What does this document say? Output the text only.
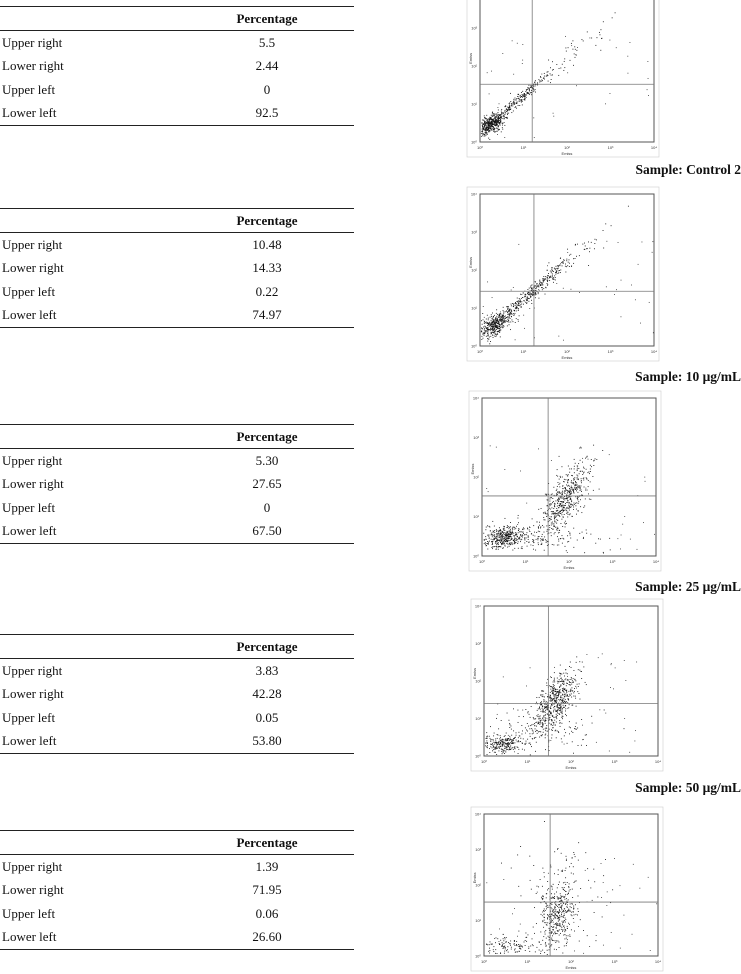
	Percentage
Upper right	5.5
Lower right	2.44
Upper left	0
Lower left	92.5
10⁰
10⁰
10¹
10¹
10²
10²
10³
10³
10⁴
Emiss
Emiss
Sample: Control 2
	Percentage
Upper right	10.48
Lower right	14.33
Upper left	0.22
Lower left	74.97
10⁰
10⁰
10¹
10¹
10²
10²
10³
10³
10⁴
10⁴
Emiss
Emiss
Sample: 10 μg/mL
	Percentage
Upper right	5.30
Lower right	27.65
Upper left	0
Lower left	67.50
10⁰
10⁰
10¹
10¹
10²
10²
10³
10³
10⁴
10⁴
Emiss
Emiss
Sample: 25 μg/mL
	Percentage
Upper right	3.83
Lower right	42.28
Upper left	0.05
Lower left	53.80
10⁰
10⁰
10¹
10¹
10²
10²
10³
10³
10⁴
10⁴
Emiss
Emiss
Sample: 50 μg/mL
	Percentage
Upper right	1.39
Lower right	71.95
Upper left	0.06
Lower left	26.60
10⁰
10⁰
10¹
10¹
10²
10²
10³
10³
10⁴
10⁴
Emiss
Emiss
